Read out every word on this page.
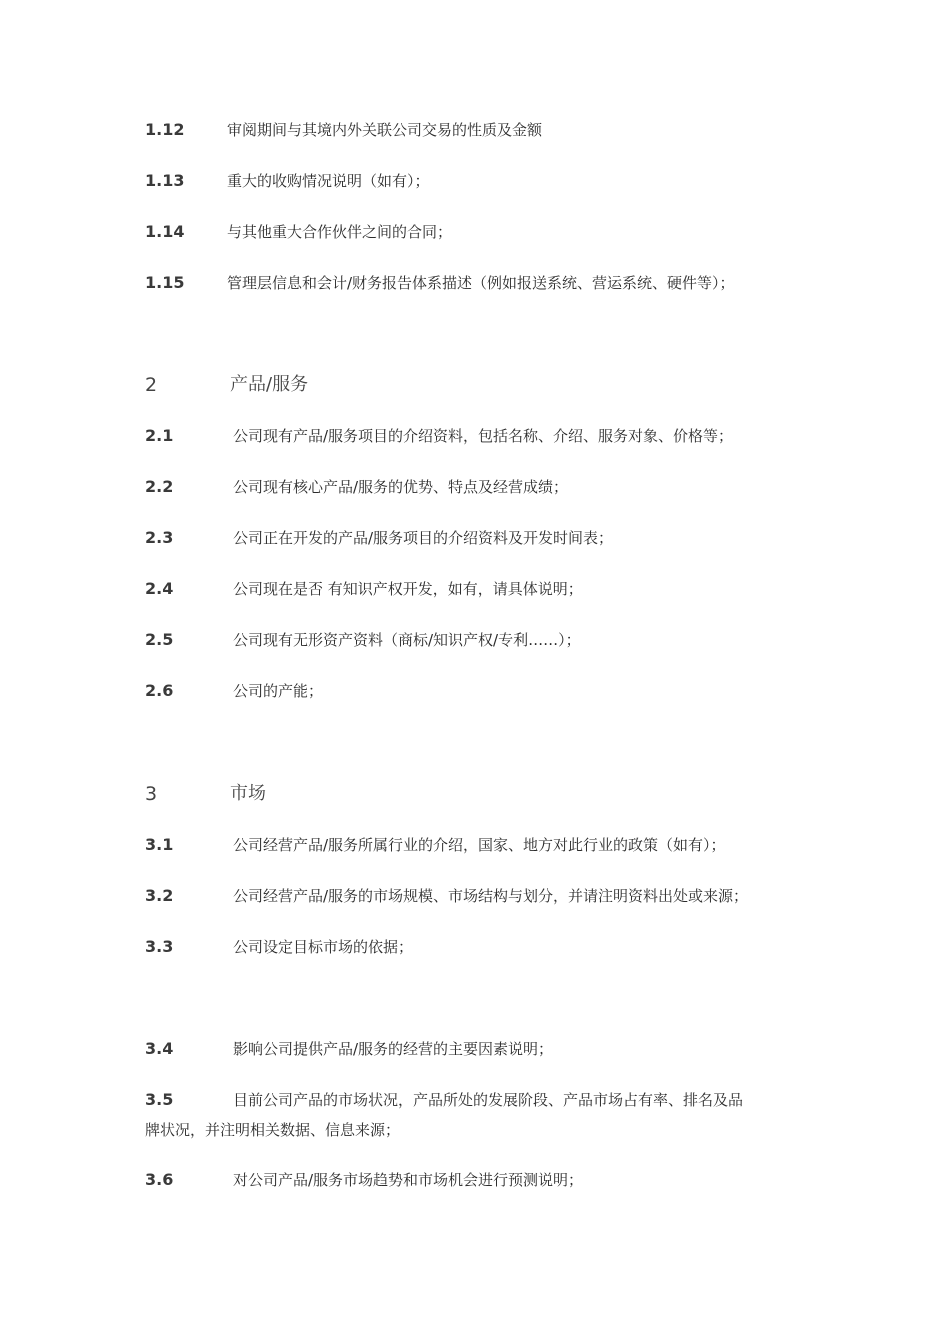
1.12	审阅期间与其境内外关联公司交易的性质及金额
1.13	重大的收购情况说明（如有）；
1.14	与其他重大合作伙伴之间的合同；
1.15	管理层信息和会计/财务报告体系描述（例如报送系统、营运系统、硬件等）；
2	产品/服务
2.1	公司现有产品/服务项目的介绍资料，包括名称、介绍、服务对象、价格等；
2.2	公司现有核心产品/服务的优势、特点及经营成绩；
2.3	公司正在开发的产品/服务项目的介绍资料及开发时间表；
2.4	公司现在是否 有知识产权开发，如有，请具体说明；
2.5	公司现有无形资产资料（商标/知识产权/专利……）；
2.6	公司的产能；
3	市场
3.1	公司经营产品/服务所属行业的介绍，国家、地方对此行业的政策（如有）；
3.2	公司经营产品/服务的市场规模、市场结构与划分，并请注明资料出处或来源；
3.3	公司设定目标市场的依据；
3.4	影响公司提供产品/服务的经营的主要因素说明；
3.5	目前公司产品的市场状况，产品所处的发展阶段、产品市场占有率、排名及品
牌状况，并注明相关数据、信息来源；
3.6	对公司产品/服务市场趋势和市场机会进行预测说明；
